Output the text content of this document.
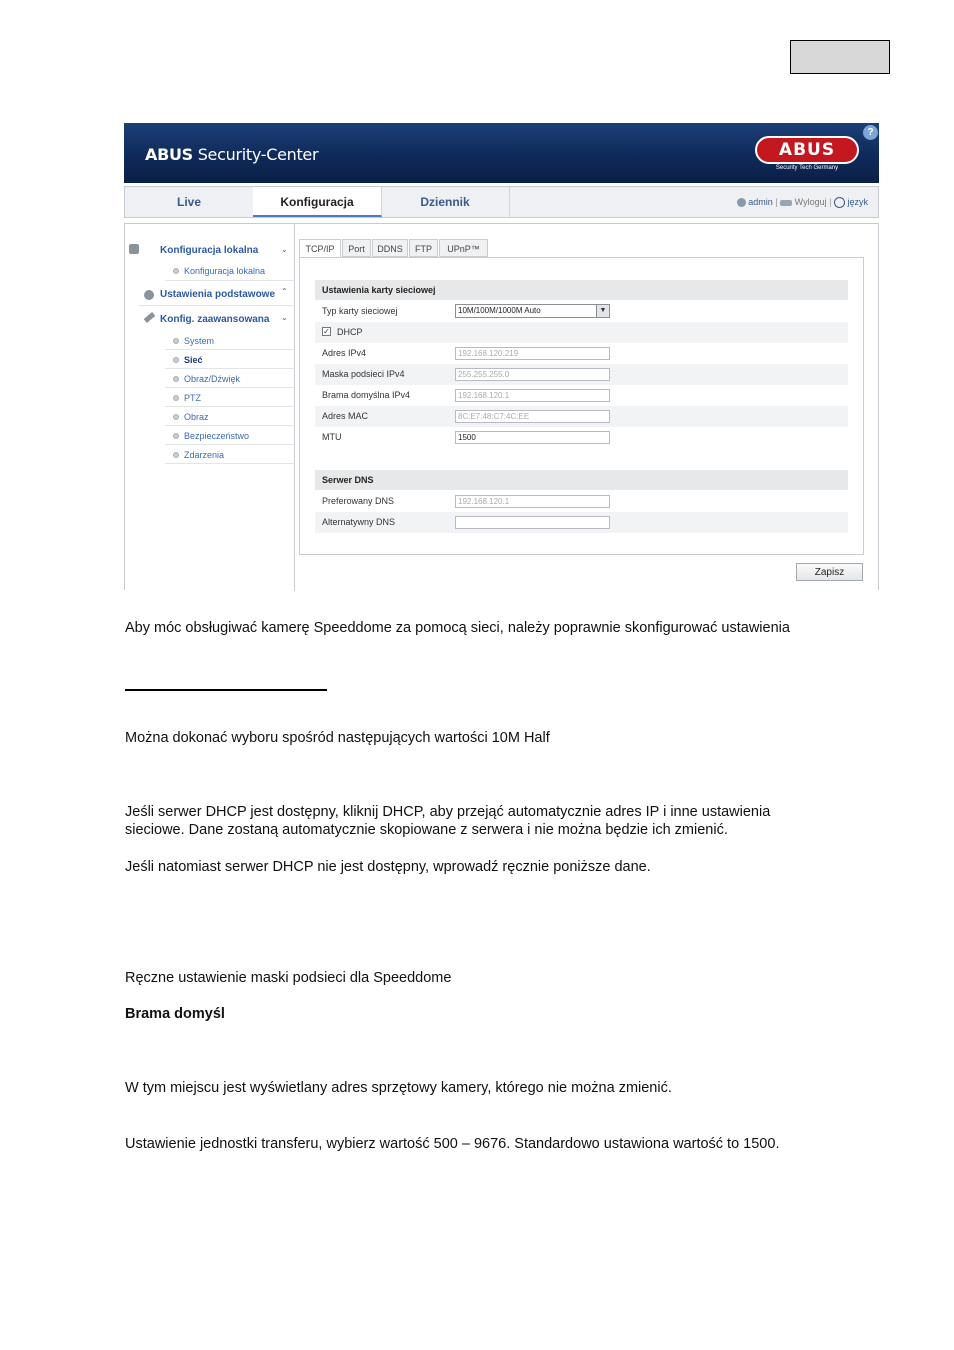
ABUS Security-Center	ABUS
Security Tech Germany
?
Live	Konfiguracja	Dziennik	admin |  Wyloguj |  język
Konfiguracja lokalna	⌄
Konfiguracja lokalna
Ustawienia podstawowe ⌃
Konfig. zaawansowana ⌄
System
Sieć
Obraz/Dźwięk
PTZ
Obraz
Bezpieczeństwo
Zdarzenia
TCP/IP	Port	DDNS	FTP	UPnP™
Ustawienia karty sieciowej
Typ karty sieciowej	10M/100M/1000M Auto	▼
✓ DHCP
Adres IPv4	192.168.120.219
Maska podsieci IPv4	255.255.255.0
Brama domyślna IPv4	192.168.120.1
Adres MAC	8C:E7:48:C7:4C:EE
MTU	1500
Serwer DNS
Preferowany DNS	192.168.120.1
Alternatywny DNS
Zapisz
Aby móc obsługiwać kamerę Speeddome za pomocą sieci, należy poprawnie skonfigurować ustawienia
Można dokonać wyboru spośród następujących wartości 10M Half
Jeśli serwer DHCP jest dostępny, kliknij DHCP, aby przejąć automatycznie adres IP i inne ustawienia
sieciowe. Dane zostaną automatycznie skopiowane z serwera i nie można będzie ich zmienić.
Jeśli natomiast serwer DHCP nie jest dostępny, wprowadź ręcznie poniższe dane.
Ręczne ustawienie maski podsieci dla Speeddome
Brama domyśl
W tym miejscu jest wyświetlany adres sprzętowy kamery, którego nie można zmienić.
Ustawienie jednostki transferu, wybierz wartość 500 – 9676. Standardowo ustawiona wartość to 1500.
